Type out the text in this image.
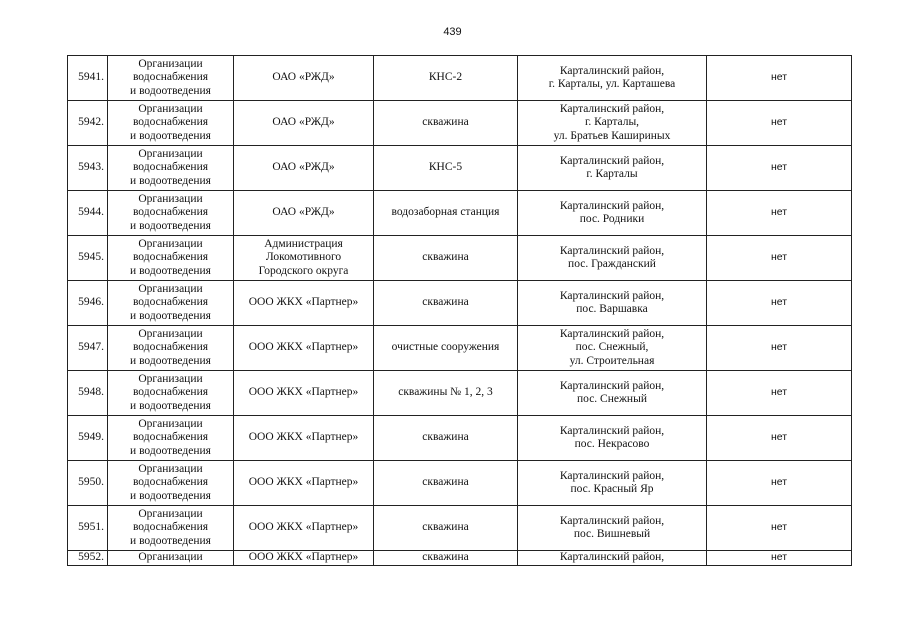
439
5941.	Организации
водоснабжения
и водоотведения	ОАО «РЖД»	КНС-2	Карталинский район,
г. Карталы, ул. Карташева	нет
5942.	Организации
водоснабжения
и водоотведения	ОАО «РЖД»	скважина	Карталинский район,
г. Карталы,
ул. Братьев Кашириных	нет
5943.	Организации
водоснабжения
и водоотведения	ОАО «РЖД»	КНС-5	Карталинский район,
г. Карталы	нет
5944.	Организации
водоснабжения
и водоотведения	ОАО «РЖД»	водозаборная станция	Карталинский район,
пос. Родники	нет
5945.	Организации
водоснабжения
и водоотведения	Администрация
Локомотивного
Городского округа	скважина	Карталинский район,
пос. Гражданский	нет
5946.	Организации
водоснабжения
и водоотведения	ООО ЖКХ «Партнер»	скважина	Карталинский район,
пос. Варшавка	нет
5947.	Организации
водоснабжения
и водоотведения	ООО ЖКХ «Партнер»	очистные сооружения	Карталинский район,
пос. Снежный,
ул. Строительная	нет
5948.	Организации
водоснабжения
и водоотведения	ООО ЖКХ «Партнер»	скважины № 1, 2, 3	Карталинский район,
пос. Снежный	нет
5949.	Организации
водоснабжения
и водоотведения	ООО ЖКХ «Партнер»	скважина	Карталинский район,
пос. Некрасово	нет
5950.	Организации
водоснабжения
и водоотведения	ООО ЖКХ «Партнер»	скважина	Карталинский район,
пос. Красный Яр	нет
5951.	Организации
водоснабжения
и водоотведения	ООО ЖКХ «Партнер»	скважина	Карталинский район,
пос. Вишневый	нет
5952.	Организации	ООО ЖКХ «Партнер»	скважина	Карталинский район,	нет
